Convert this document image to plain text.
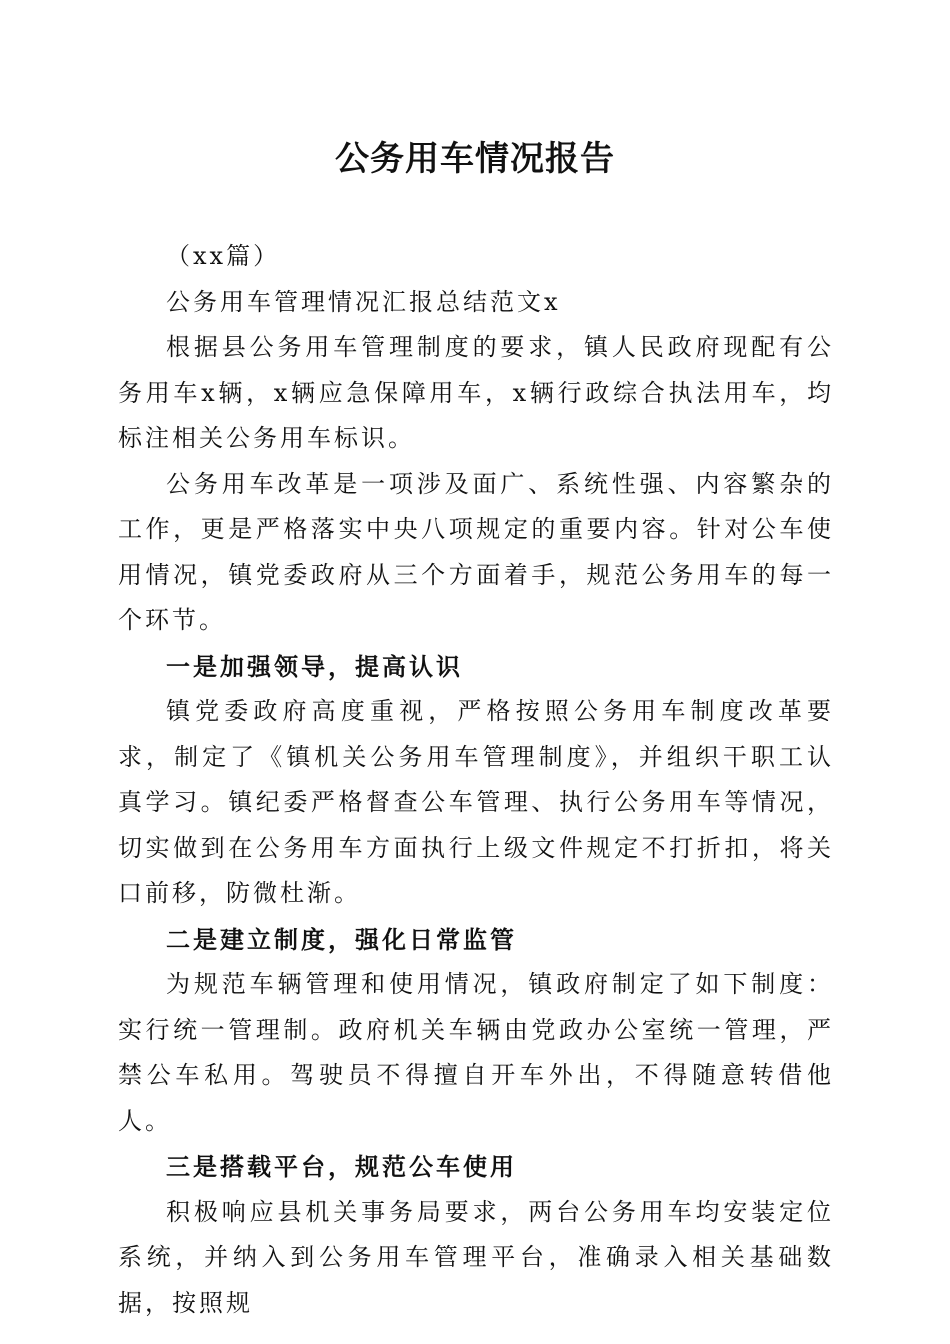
公务用车情况报告

（xx篇）

公务用车管理情况汇报总结范文x

根据县公务用车管理制度的要求，镇人民政府现配有公务用车x辆，x辆应急保障用车，x辆行政综合执法用车，均标注相关公务用车标识。

公务用车改革是一项涉及面广、系统性强、内容繁杂的工作，更是严格落实中央八项规定的重要内容。针对公车使用情况，镇党委政府从三个方面着手，规范公务用车的每一个环节。

一是加强领导，提高认识

镇党委政府高度重视，严格按照公务用车制度改革要求，制定了《镇机关公务用车管理制度》，并组织干职工认真学习。镇纪委严格督查公车管理、执行公务用车等情况，切实做到在公务用车方面执行上级文件规定不打折扣，将关口前移，防微杜渐。

二是建立制度，强化日常监管

为规范车辆管理和使用情况，镇政府制定了如下制度：实行统一管理制。政府机关车辆由党政办公室统一管理，严禁公车私用。驾驶员不得擅自开车外出，不得随意转借他人。

三是搭载平台，规范公车使用

积极响应县机关事务局要求，两台公务用车均安装定位系统，并纳入到公务用车管理平台，准确录入相关基础数据，按照规
